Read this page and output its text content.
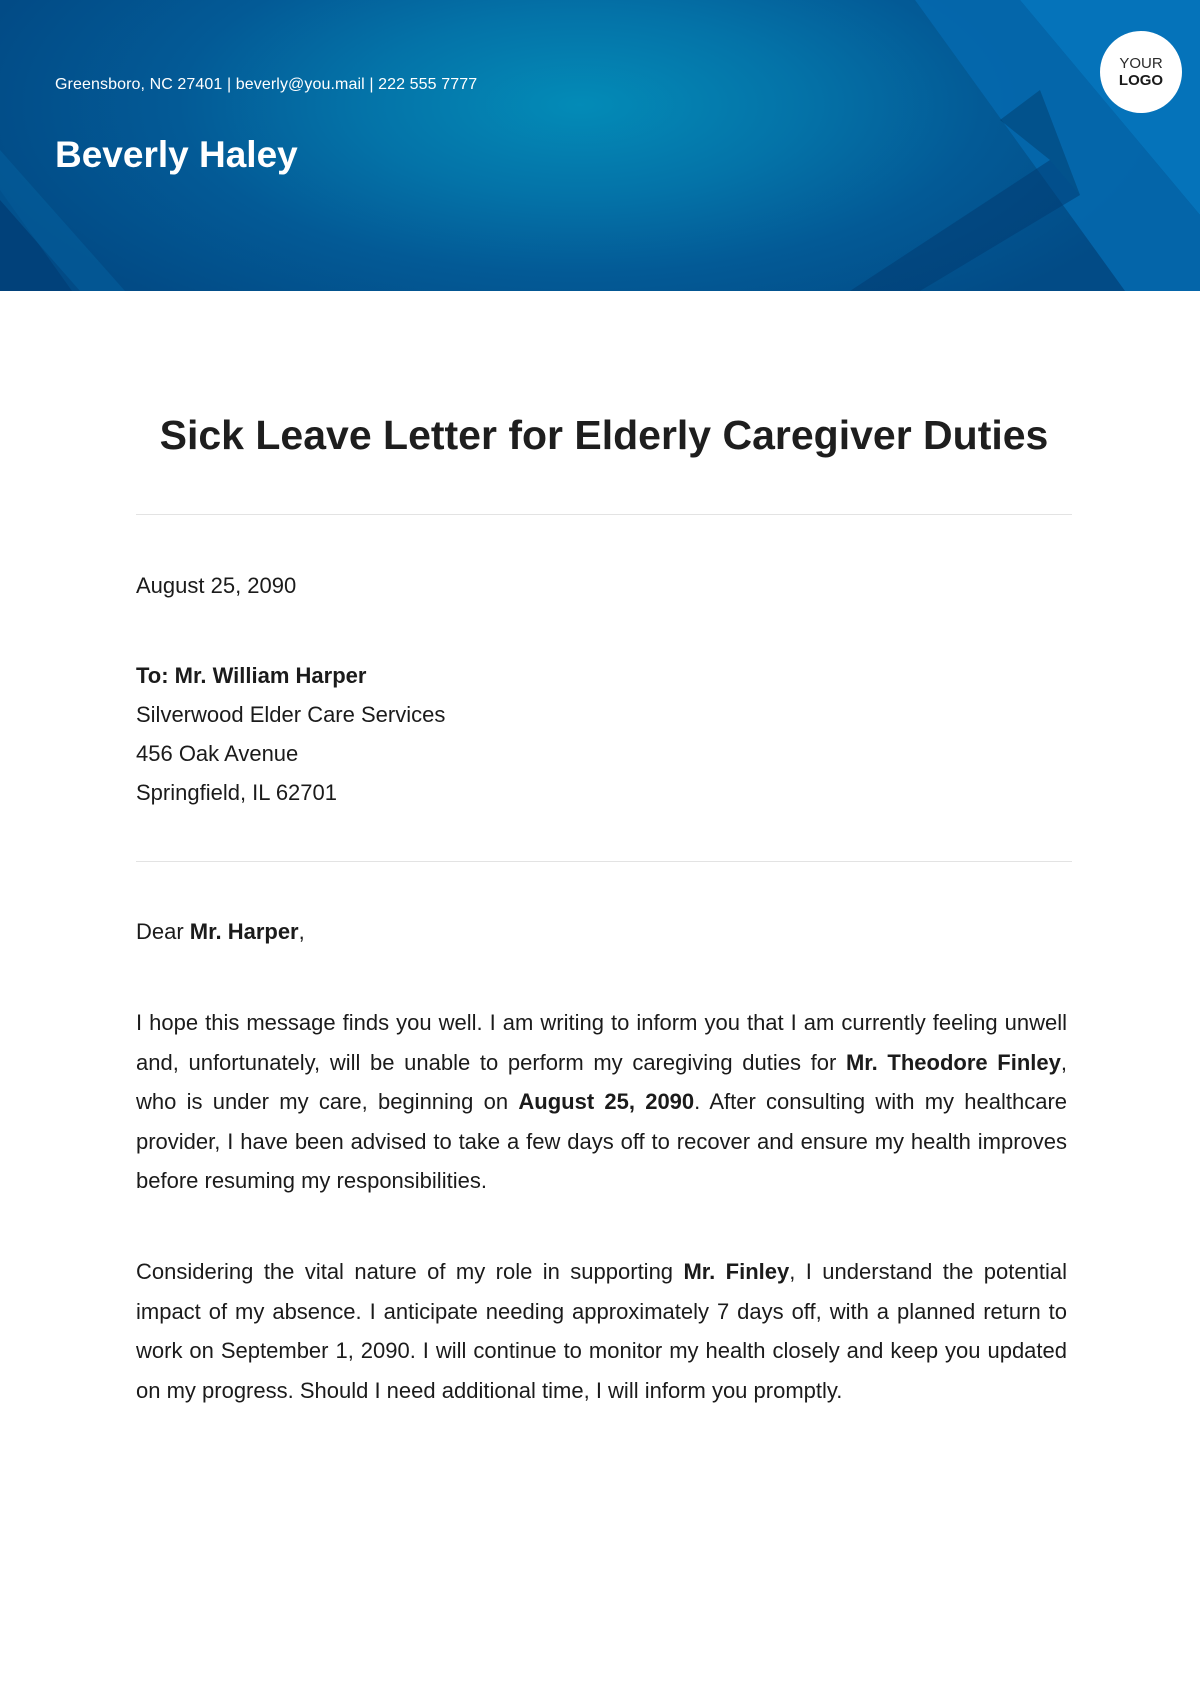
Greensboro, NC 27401 | beverly@you.mail | 222 555 7777
Beverly Haley
YOUR
LOGO
Sick Leave Letter for Elderly Caregiver Duties
August 25, 2090
To: Mr. William Harper
Silverwood Elder Care Services
456 Oak Avenue
Springfield, IL 62701
Dear Mr. Harper,
I hope this message finds you well. I am writing to inform you that I am currently feeling unwell and, unfortunately, will be unable to perform my caregiving duties for Mr. Theodore Finley, who is under my care, beginning on August 25, 2090. After consulting with my healthcare provider, I have been advised to take a few days off to recover and ensure my health improves before resuming my responsibilities.
Considering the vital nature of my role in supporting Mr. Finley, I understand the potential impact of my absence. I anticipate needing approximately 7 days off, with a planned return to work on September 1, 2090. I will continue to monitor my health closely and keep you updated on my progress. Should I need additional time, I will inform you promptly.
